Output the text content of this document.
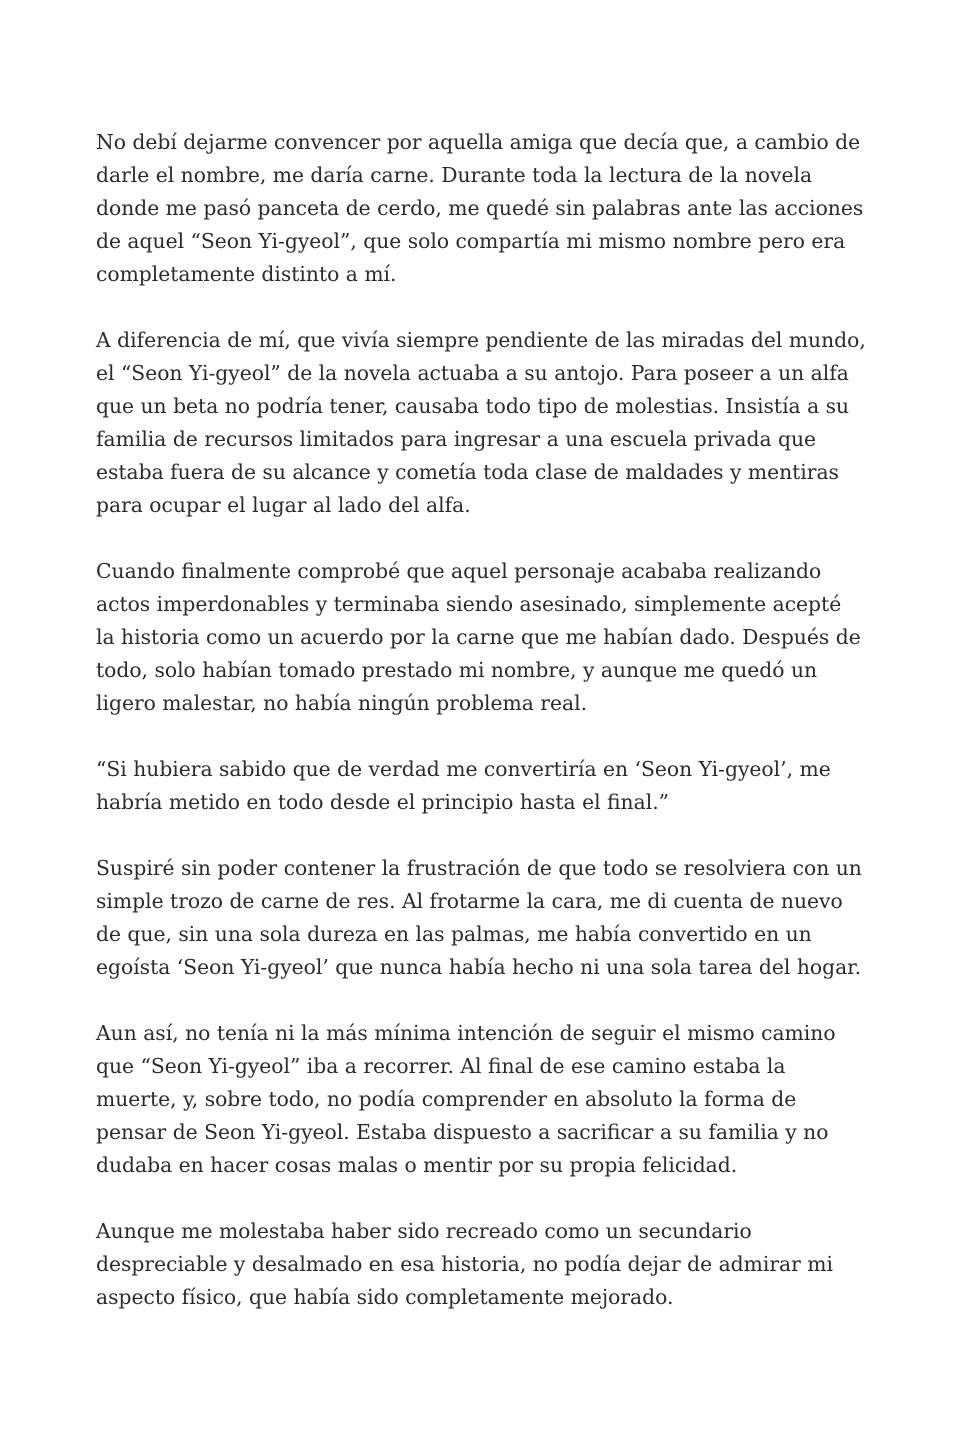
No debí dejarme convencer por aquella amiga que decía que, a cambio de darle el nombre, me daría carne. Durante toda la lectura de la novela donde me pasó panceta de cerdo, me quedé sin palabras ante las acciones de aquel “Seon Yi-gyeol”, que solo compartía mi mismo nombre pero era completamente distinto a mí.

A diferencia de mí, que vivía siempre pendiente de las miradas del mundo, el “Seon Yi-gyeol” de la novela actuaba a su antojo. Para poseer a un alfa que un beta no podría tener, causaba todo tipo de molestias. Insistía a su familia de recursos limitados para ingresar a una escuela privada que estaba fuera de su alcance y cometía toda clase de maldades y mentiras para ocupar el lugar al lado del alfa.

Cuando finalmente comprobé que aquel personaje acababa realizando actos imperdonables y terminaba siendo asesinado, simplemente acepté la historia como un acuerdo por la carne que me habían dado. Después de todo, solo habían tomado prestado mi nombre, y aunque me quedó un ligero malestar, no había ningún problema real.

“Si hubiera sabido que de verdad me convertiría en ‘Seon Yi-gyeol’, me habría metido en todo desde el principio hasta el final.”

Suspiré sin poder contener la frustración de que todo se resolviera con un simple trozo de carne de res. Al frotarme la cara, me di cuenta de nuevo de que, sin una sola dureza en las palmas, me había convertido en un egoísta ‘Seon Yi-gyeol’ que nunca había hecho ni una sola tarea del hogar.

Aun así, no tenía ni la más mínima intención de seguir el mismo camino que “Seon Yi-gyeol” iba a recorrer. Al final de ese camino estaba la muerte, y, sobre todo, no podía comprender en absoluto la forma de pensar de Seon Yi-gyeol. Estaba dispuesto a sacrificar a su familia y no dudaba en hacer cosas malas o mentir por su propia felicidad.

Aunque me molestaba haber sido recreado como un secundario despreciable y desalmado en esa historia, no podía dejar de admirar mi aspecto físico, que había sido completamente mejorado.
